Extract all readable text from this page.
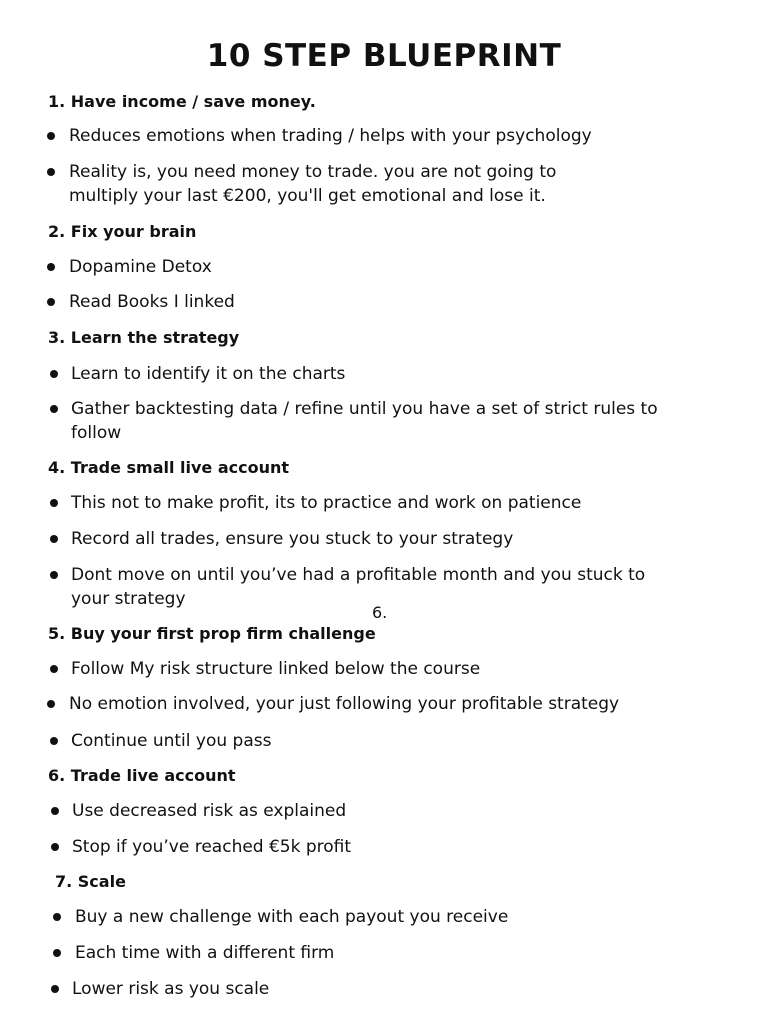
10 STEP BLUEPRINT
1. Have income / save money.
Reduces emotions when trading / helps with your psychology
Reality is, you need money to trade. you are not going to
multiply your last €200, you'll get emotional and lose it.
2. Fix your brain
Dopamine Detox
Read Books I linked
3. Learn the strategy
Learn to identify it on the charts
Gather backtesting data / refine until you have a set of strict rules to
follow
4. Trade small live account
This not to make profit, its to practice and work on patience
Record all trades, ensure you stuck to your strategy
Dont move on until you’ve had a profitable month and you stuck to
your strategy
6.
5. Buy your first prop firm challenge
Follow My risk structure linked below the course
No emotion involved, your just following your profitable strategy
Continue until you pass
6. Trade live account
Use decreased risk as explained
Stop if you’ve reached €5k profit
7. Scale
Buy a new challenge with each payout you receive
Each time with a different firm
Lower risk as you scale
